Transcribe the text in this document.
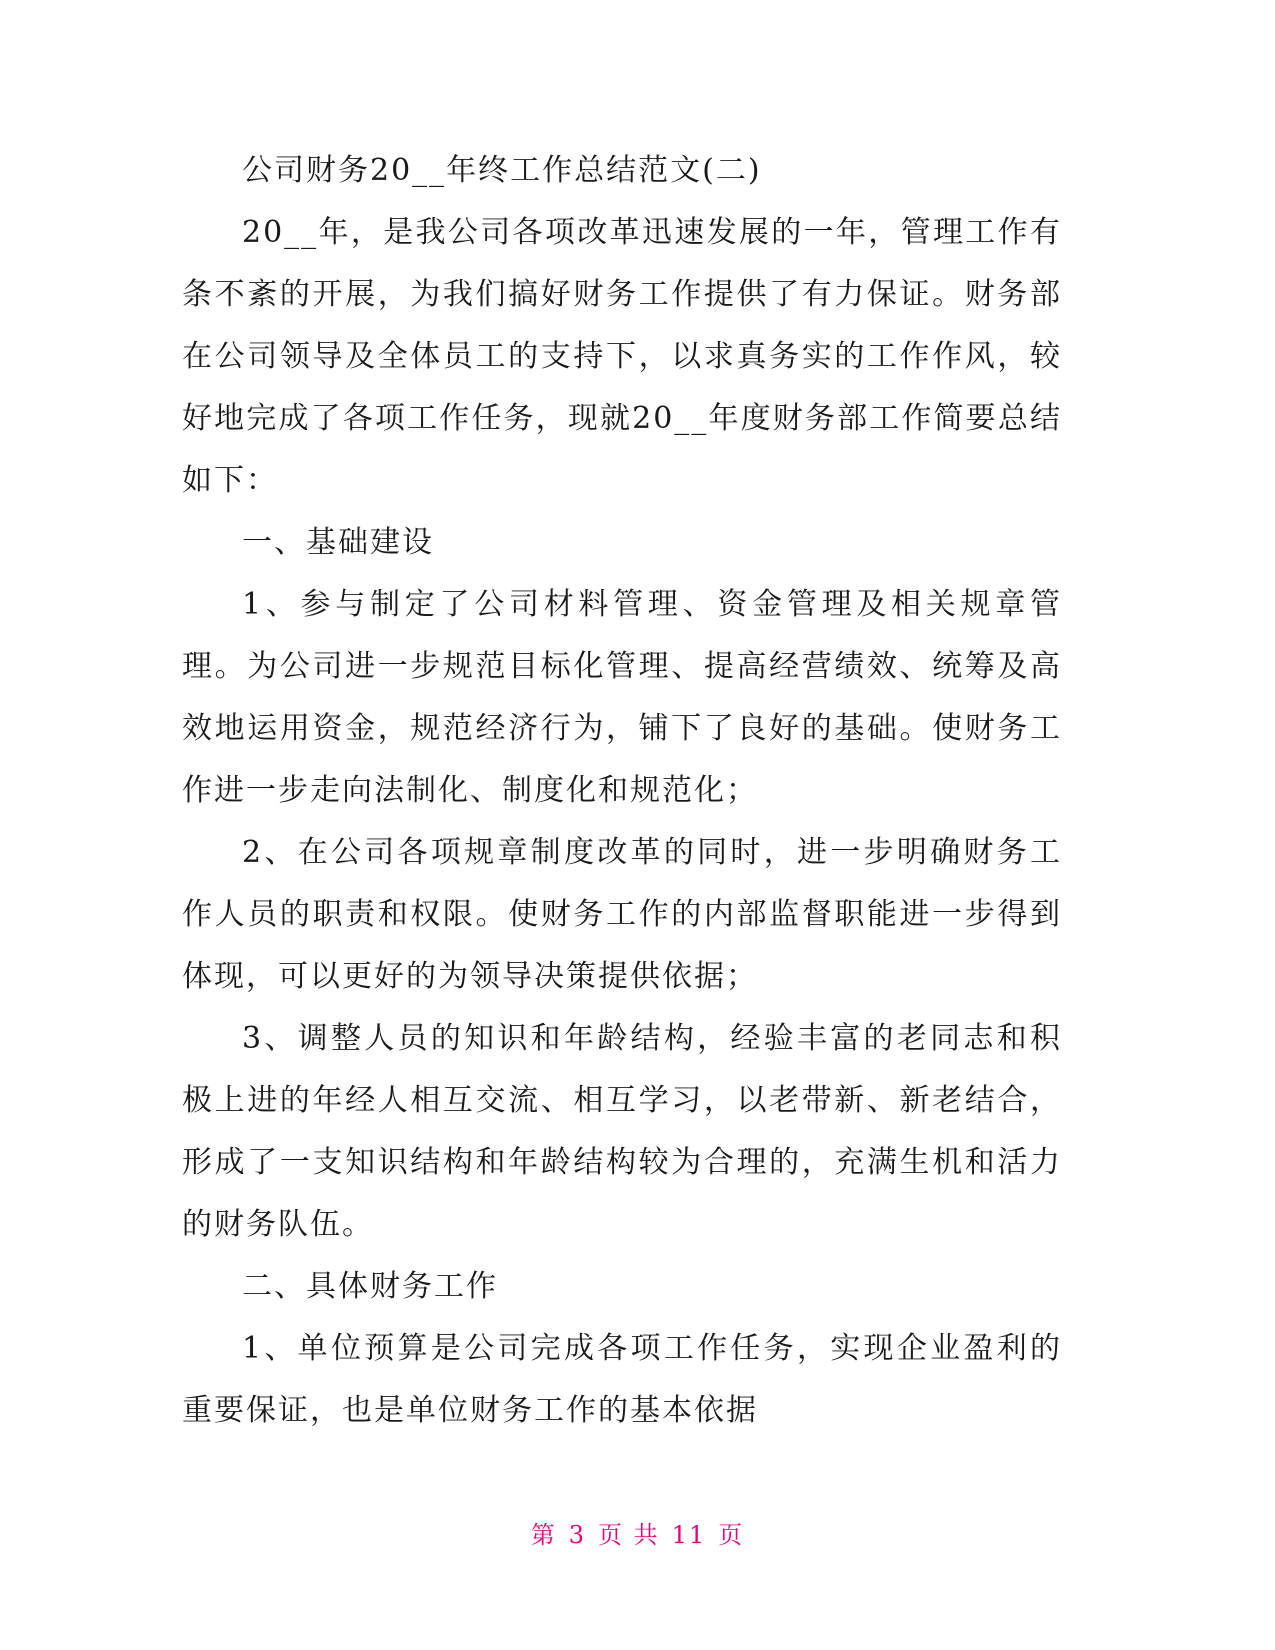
公司财务20__年终工作总结范文(二)

20__年，是我公司各项改革迅速发展的一年，管理工作有条不紊的开展，为我们搞好财务工作提供了有力保证。财务部在公司领导及全体员工的支持下，以求真务实的工作作风，较好地完成了各项工作任务，现就20__年度财务部工作简要总结如下：

一、基础建设

1、参与制定了公司材料管理、资金管理及相关规章管理。为公司进一步规范目标化管理、提高经营绩效、统筹及高效地运用资金，规范经济行为，铺下了良好的基础。使财务工作进一步走向法制化、制度化和规范化；

2、在公司各项规章制度改革的同时，进一步明确财务工作人员的职责和权限。使财务工作的内部监督职能进一步得到体现，可以更好的为领导决策提供依据；

3、调整人员的知识和年龄结构，经验丰富的老同志和积极上进的年经人相互交流、相互学习，以老带新、新老结合，形成了一支知识结构和年龄结构较为合理的，充满生机和活力的财务队伍。

二、具体财务工作

1、单位预算是公司完成各项工作任务，实现企业盈利的重要保证，也是单位财务工作的基本依据

第 3 页 共 11 页
